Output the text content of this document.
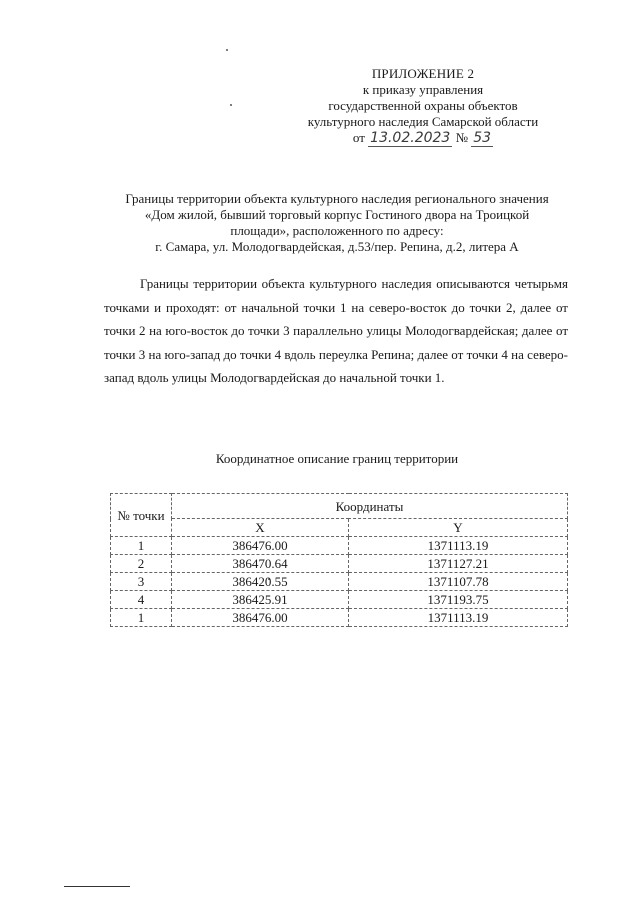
ПРИЛОЖЕНИЕ 2
к приказу управления
государственной охраны объектов
культурного наследия Самарской области
от 13.02.2023 № 53
Границы территории объекта культурного наследия регионального значения
«Дом жилой, бывший торговый корпус Гостиного двора на Троицкой
площади», расположенного по адресу:
г. Самара, ул. Молодогвардейская, д.53/пер. Репина, д.2, литера А

Границы территории объекта культурного наследия описываются четырьмя точками и проходят: от начальной точки 1 на северо-восток до точки 2, далее от точки 2 на юго-восток до точки 3 параллельно улицы Молодогвардейская; далее от точки 3 на юго-запад до точки 4 вдоль переулка Репина; далее от точки 4 на северо-запад вдоль улицы Молодогвардейская до начальной точки 1.

Координатное описание границ территории
№ точки	Координаты	
	X	Y
1	386476.00	1371113.19
2	386470.64	1371127.21
3	386420.55	1371107.78
4	386425.91	1371193.75
1	386476.00	1371113.19
